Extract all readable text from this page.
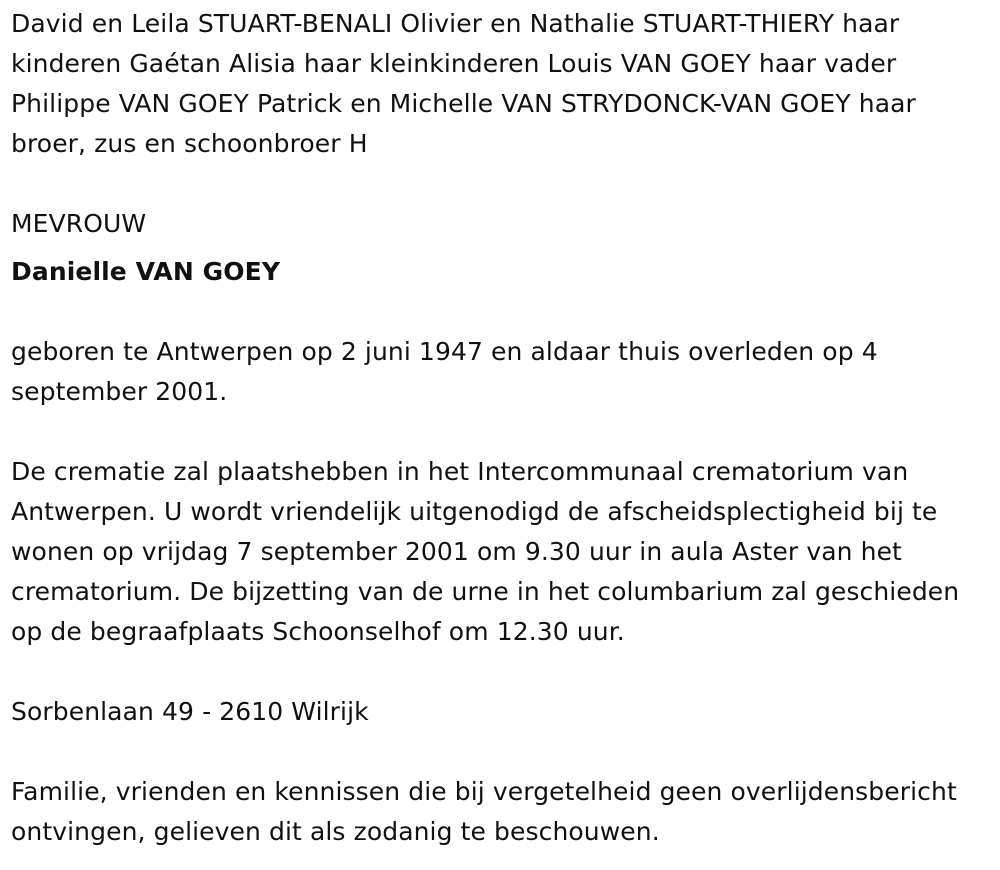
David en Leila STUART-BENALI Olivier en Nathalie STUART-THIERY haar kinderen Gaétan Alisia haar kleinkinderen Louis VAN GOEY haar vader Philippe VAN GOEY Patrick en Michelle VAN STRYDONCK-VAN GOEY haar broer, zus en schoonbroer H

MEVROUW

Danielle VAN GOEY

geboren te Antwerpen op 2 juni 1947 en aldaar thuis overleden op 4 september 2001.

De crematie zal plaatshebben in het Intercommunaal crematorium van Antwerpen. U wordt vriendelijk uitgenodigd de afscheidsplectigheid bij te wonen op vrijdag 7 september 2001 om 9.30 uur in aula Aster van het crematorium. De bijzetting van de urne in het columbarium zal geschieden op de begraafplaats Schoonselhof om 12.30 uur.

Sorbenlaan 49 - 2610 Wilrijk

Familie, vrienden en kennissen die bij vergetelheid geen overlijdensbericht ontvingen, gelieven dit als zodanig te beschouwen.
